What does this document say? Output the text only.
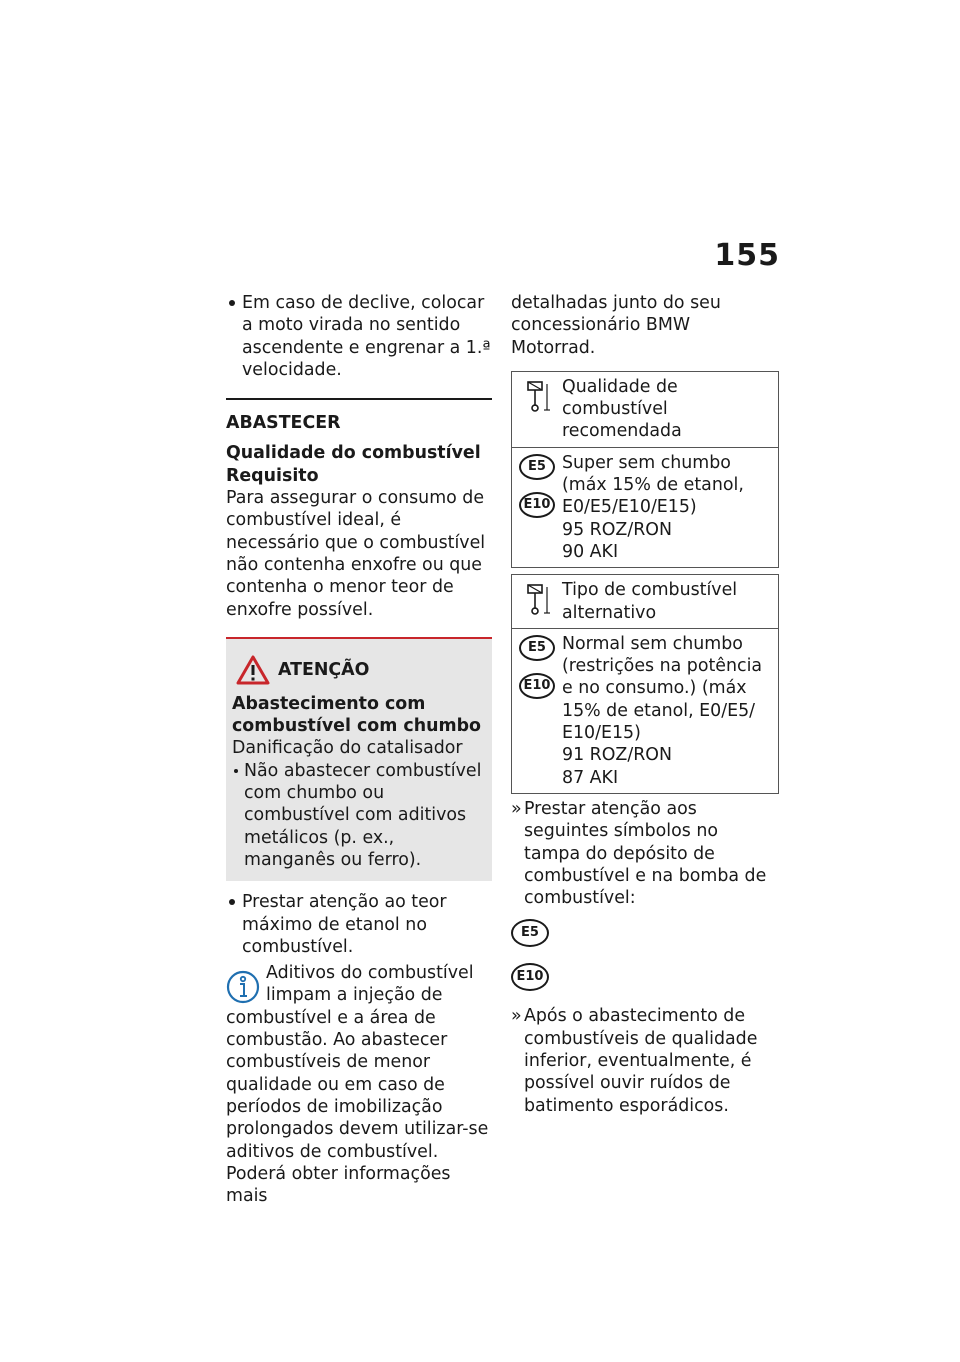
155

Em caso de declive, colocar a moto virada no sentido ascendente e engrenar a 1.ª velocidade.

ABASTECER

Qualidade do combustível

Requisito

Para assegurar o consumo de combustível ideal, é necessário que o combustível não contenha enxofre ou que contenha o menor teor de enxofre possível.

ATENÇÃO

Abastecimento com combustível com chumbo

Danificação do catalisador

Não abastecer combustível com chumbo ou combustível com aditivos metálicos (p. ex., manganês ou ferro).

Prestar atenção ao teor máximo de etanol no combustível.

Aditivos do combustível limpam a injeção de combustível e a área de combustão. Ao abastecer combustíveis de menor qualidade ou em caso de períodos de imobilização prolongados devem utilizar-se aditivos de combustível. Poderá obter informações mais

detalhadas junto do seu concessionário BMW Motorrad.

Qualidade de combustível recomendada

E5
E10

Super sem chumbo

(máx 15% de etanol,

E0/E5/E10/E15)

95 ROZ/RON

90 AKI

Tipo de combustível alternativo

E5
E10

Normal sem chumbo

(restrições na potência

e no consumo.) (máx

15% de etanol, E0/E5/

E10/E15)

91 ROZ/RON

87 AKI

» Prestar atenção aos seguintes símbolos no tampa do depósito de combustível e na bomba de combustível:

E5
E10

» Após o abastecimento de combustíveis de qualidade inferior, eventualmente, é possível ouvir ruídos de batimento esporádicos.
